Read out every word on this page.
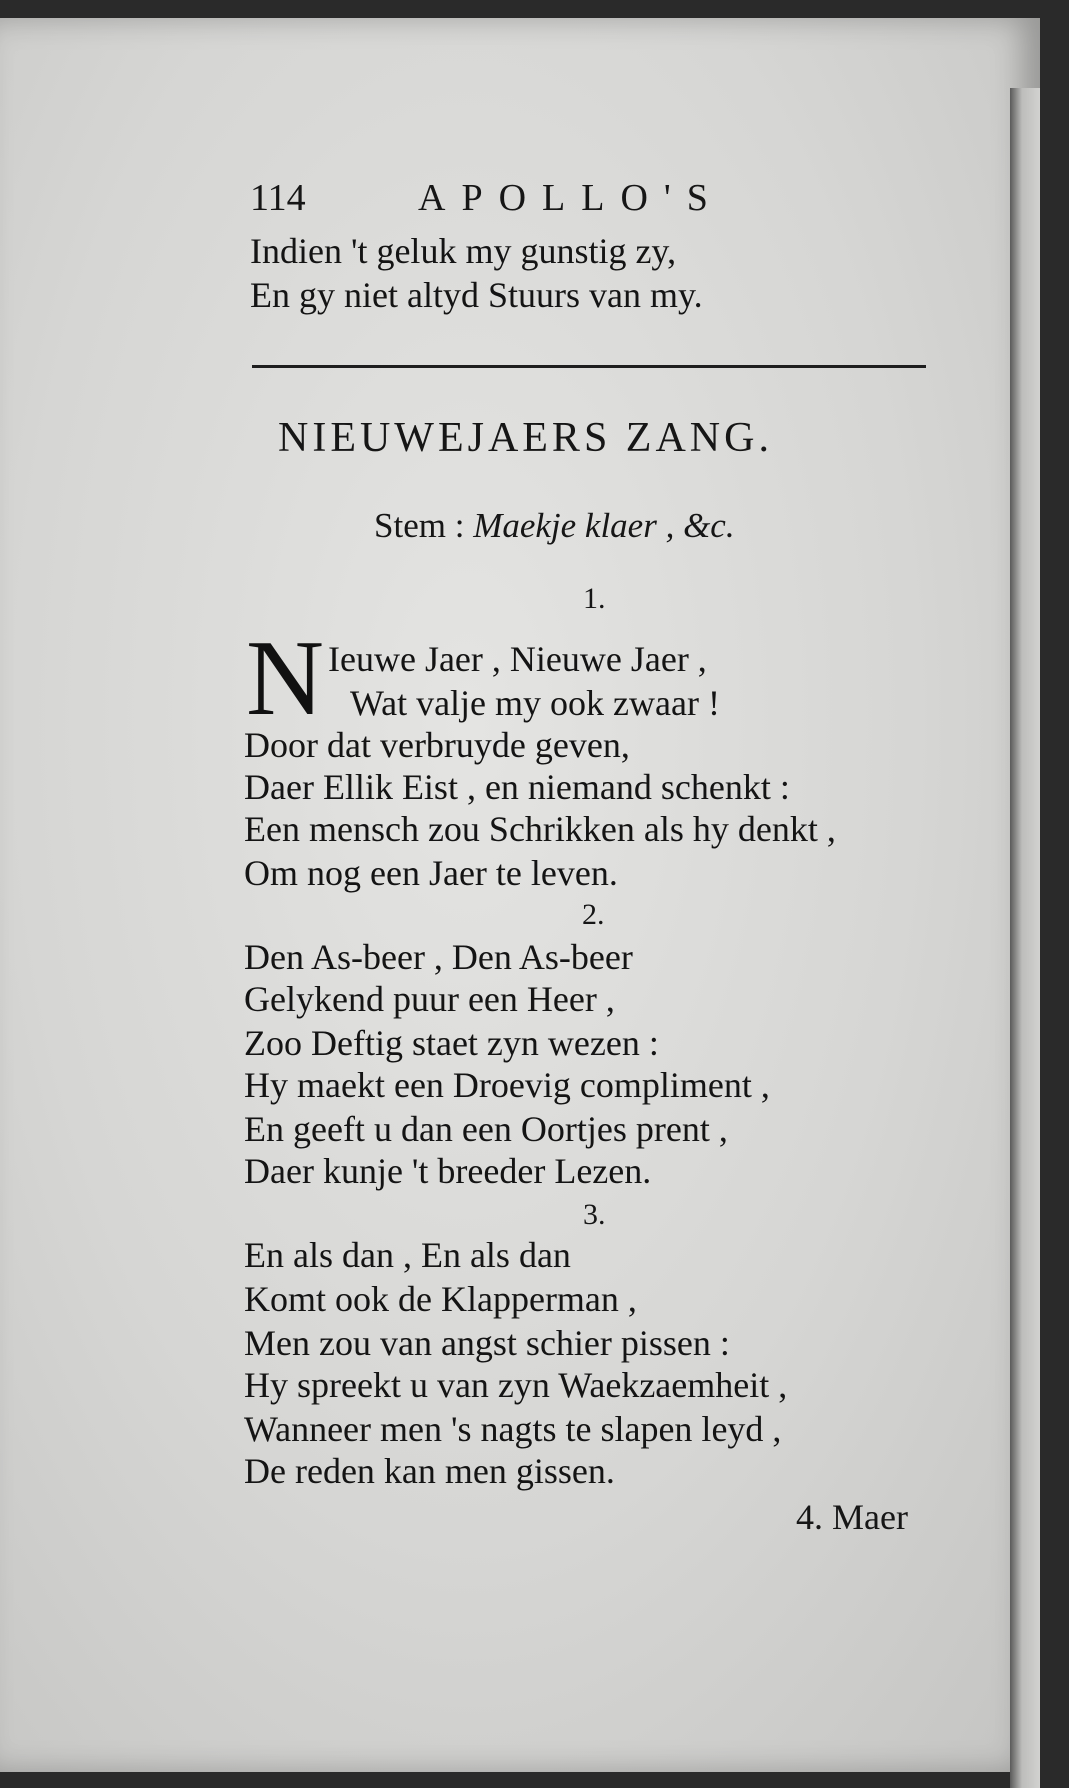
114	APOLLO'S
Indien 't geluk my gunstig zy,
En gy niet altyd Stuurs van my.
NIEUWEJAERS ZANG.
Stem : Maekje klaer , &c.
1.
N Ieuwe Jaer , Nieuwe Jaer ,
Wat valje my ook zwaar !
Door dat verbruyde geven,
Daer Ellik Eist , en niemand schenkt :
Een mensch zou Schrikken als hy denkt ,
Om nog een Jaer te leven.
2.
Den As-beer , Den As-beer
Gelykend puur een Heer ,
Zoo Deftig staet zyn wezen :
Hy maekt een Droevig compliment ,
En geeft u dan een Oortjes prent ,
Daer kunje 't breeder Lezen.
3.
En als dan , En als dan
Komt ook de Klapperman ,
Men zou van angst schier pissen :
Hy spreekt u van zyn Waekzaemheit ,
Wanneer men 's nagts te slapen leyd ,
De reden kan men gissen.
4. Maer
